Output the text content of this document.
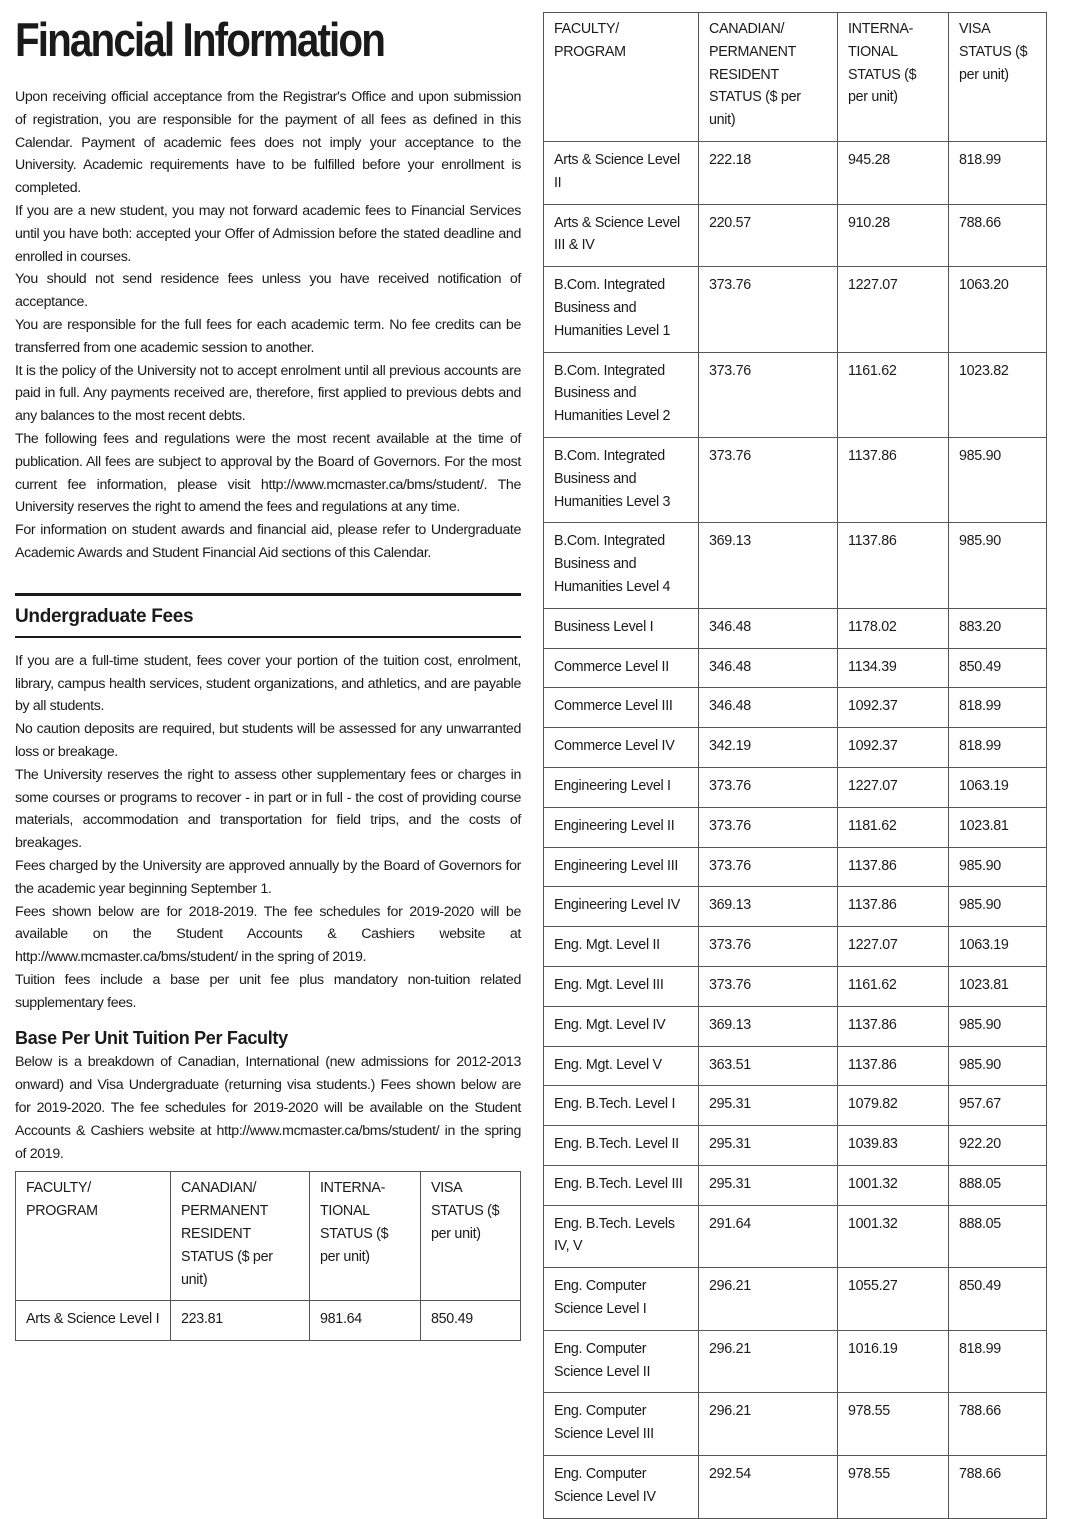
Financial Information

Upon receiving official acceptance from the Registrar's Office and upon submission of registration, you are responsible for the payment of all fees as defined in this Calendar. Payment of academic fees does not imply your acceptance to the University. Academic requirements have to be fulfilled before your enrollment is completed.

If you are a new student, you may not forward academic fees to Financial Services until you have both: accepted your Offer of Admission before the stated deadline and enrolled in courses.

You should not send residence fees unless you have received notification of acceptance.

You are responsible for the full fees for each academic term. No fee credits can be transferred from one academic session to another.

It is the policy of the University not to accept enrolment until all previous accounts are paid in full. Any payments received are, therefore, first applied to previous debts and any balances to the most recent debts.

The following fees and regulations were the most recent available at the time of publication. All fees are subject to approval by the Board of Governors. For the most current fee information, please visit http://www.mcmaster.ca/bms/student/. The University reserves the right to amend the fees and regulations at any time.

For information on student awards and financial aid, please refer to Undergraduate Academic Awards and Student Financial Aid sections of this Calendar.

Undergraduate Fees

If you are a full-time student, fees cover your portion of the tuition cost, enrolment, library, campus health services, student organizations, and athletics, and are payable by all students.

No caution deposits are required, but students will be assessed for any unwarranted loss or breakage.

The University reserves the right to assess other supplementary fees or charges in some courses or programs to recover - in part or in full - the cost of providing course materials, accommodation and transportation for field trips, and the costs of breakages.

Fees charged by the University are approved annually by the Board of Governors for the academic year beginning September 1.

Fees shown below are for 2018-2019. The fee schedules for 2019-2020 will be available on the Student Accounts & Cashiers website at http://www.mcmaster.ca/bms/student/ in the spring of 2019.

Tuition fees include a base per unit fee plus mandatory non-tuition related supplementary fees.

Base Per Unit Tuition Per Faculty

Below is a breakdown of Canadian, International (new admissions for 2012-2013 onward) and Visa Undergraduate (returning visa students.) Fees shown below are for 2019-2020. The fee schedules for 2019-2020 will be available on the Student Accounts & Cashiers website at http://www.mcmaster.ca/bms/student/ in the spring of 2019.

FACULTY/ PROGRAM	CANADIAN/ PERMANENT RESIDENT STATUS ($ per unit)	INTERNA-TIONAL STATUS ($ per unit)	VISA STATUS ($ per unit)
Arts & Science Level I	223.81	981.64	850.49
FACULTY/ PROGRAM	CANADIAN/ PERMANENT RESIDENT STATUS ($ per unit)	INTERNA-TIONAL STATUS ($ per unit)	VISA STATUS ($ per unit)
Arts & Science Level II	222.18	945.28	818.99
Arts & Science Level III & IV	220.57	910.28	788.66
B.Com. Integrated Business and Humanities Level 1	373.76	1227.07	1063.20
B.Com. Integrated Business and Humanities Level 2	373.76	1161.62	1023.82
B.Com. Integrated Business and Humanities Level 3	373.76	1137.86	985.90
B.Com. Integrated Business and Humanities Level 4	369.13	1137.86	985.90
Business Level I	346.48	1178.02	883.20
Commerce Level II	346.48	1134.39	850.49
Commerce Level III	346.48	1092.37	818.99
Commerce Level IV	342.19	1092.37	818.99
Engineering Level I	373.76	1227.07	1063.19
Engineering Level II	373.76	1181.62	1023.81
Engineering Level III	373.76	1137.86	985.90
Engineering Level IV	369.13	1137.86	985.90
Eng. Mgt. Level II	373.76	1227.07	1063.19
Eng. Mgt. Level III	373.76	1161.62	1023.81
Eng. Mgt. Level IV	369.13	1137.86	985.90
Eng. Mgt. Level V	363.51	1137.86	985.90
Eng. B.Tech. Level I	295.31	1079.82	957.67
Eng. B.Tech. Level II	295.31	1039.83	922.20
Eng. B.Tech. Level III	295.31	1001.32	888.05
Eng. B.Tech. Levels IV, V	291.64	1001.32	888.05
Eng. Computer Science Level I	296.21	1055.27	850.49
Eng. Computer Science Level II	296.21	1016.19	818.99
Eng. Computer Science Level III	296.21	978.55	788.66
Eng. Computer Science Level IV	292.54	978.55	788.66
